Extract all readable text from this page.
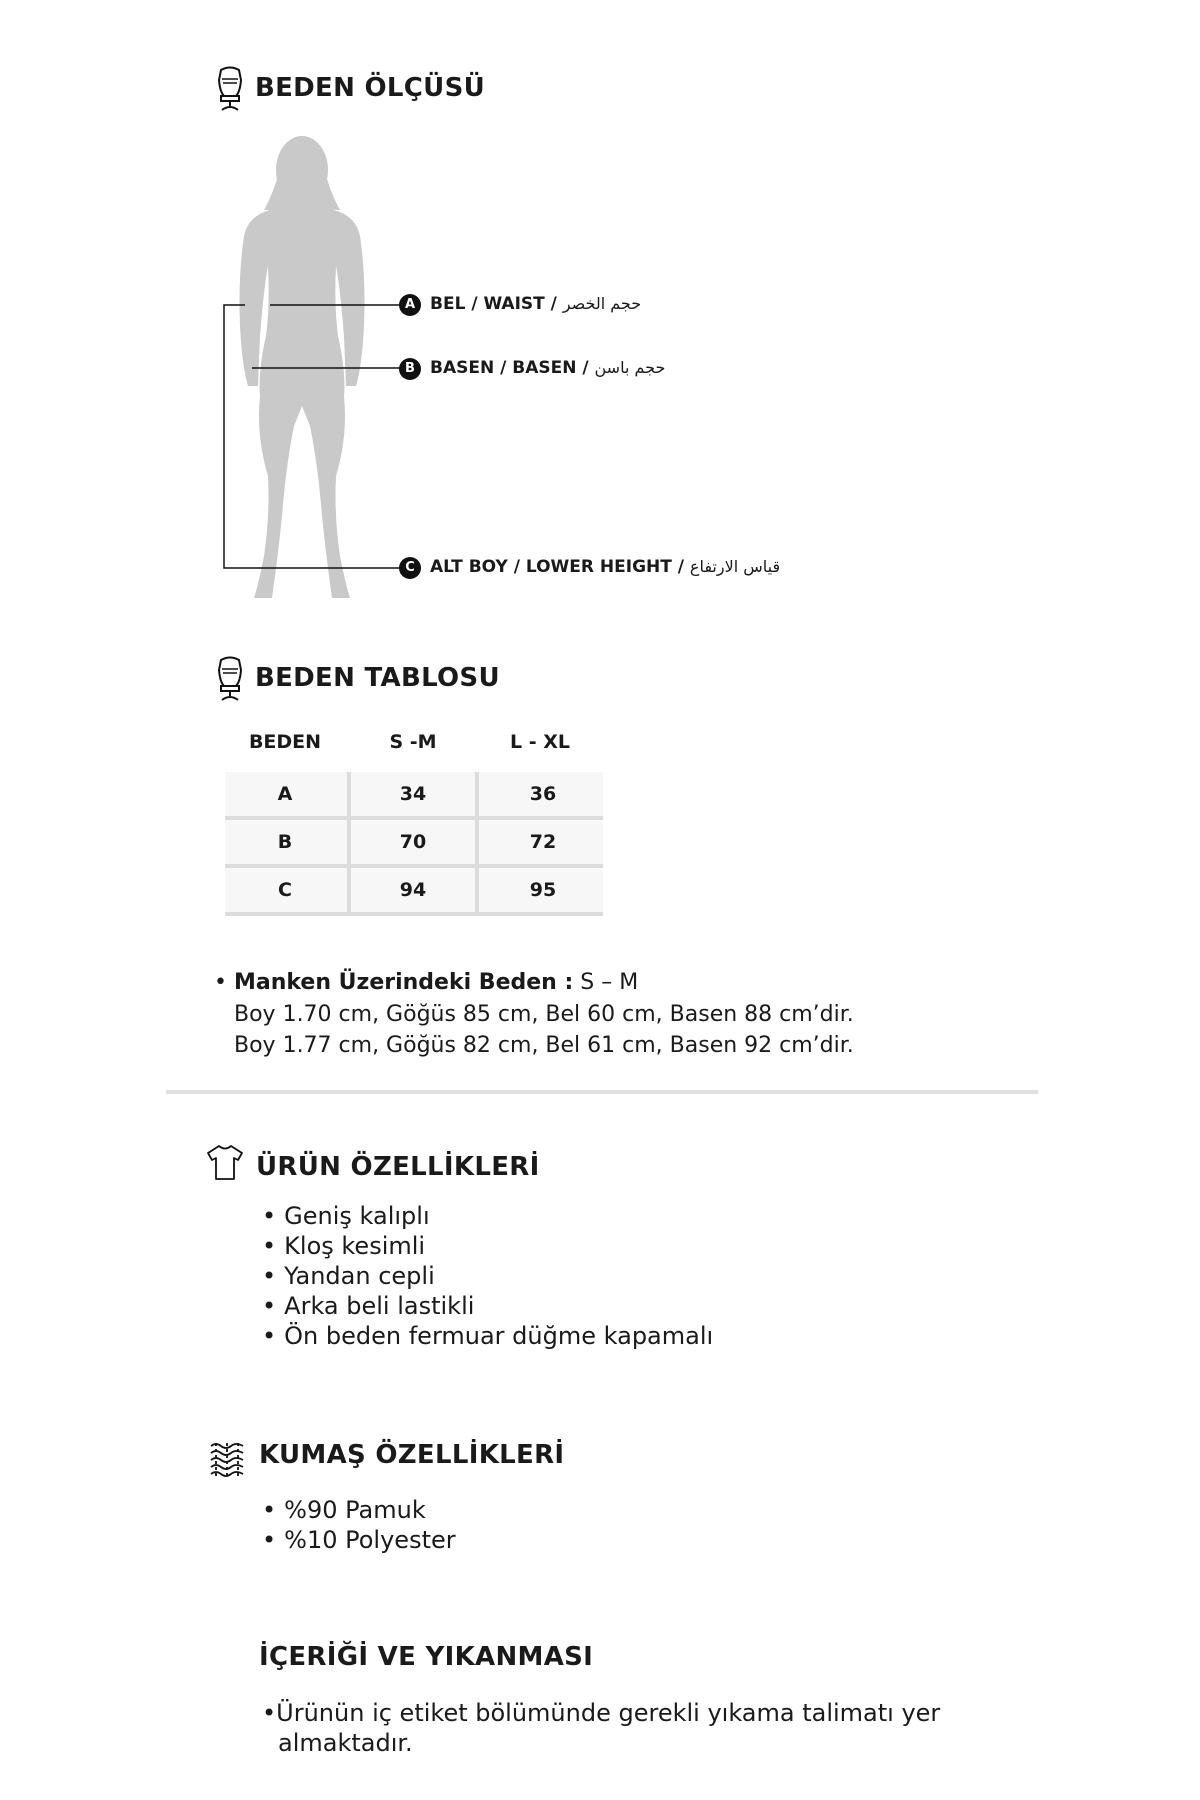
BEDEN ÖLÇÜSÜ
A BEL / WAIST / حجم الخصر
B BASEN / BASEN / حجم باسن
C ALT BOY / LOWER HEIGHT / قياس الارتفاع
BEDEN TABLOSU
BEDEN	S -M	L - XL
A	34	36
B	70	72
C	94	95
• Manken Üzerindeki Beden : S – M
Boy 1.70 cm, Göğüs 85 cm, Bel 60 cm, Basen 88 cm’dir.
Boy 1.77 cm, Göğüs 82 cm, Bel 61 cm, Basen 92 cm’dir.
ÜRÜN ÖZELLİKLERİ
• Geniş kalıplı
• Kloş kesimli
• Yandan cepli
• Arka beli lastikli
• Ön beden fermuar düğme kapamalı
KUMAŞ ÖZELLİKLERİ
• %90 Pamuk
• %10 Polyester
İÇERİĞİ VE YIKANMASI
•Ürünün iç etiket bölümünde gerekli yıkama talimatı yer
almaktadır.
